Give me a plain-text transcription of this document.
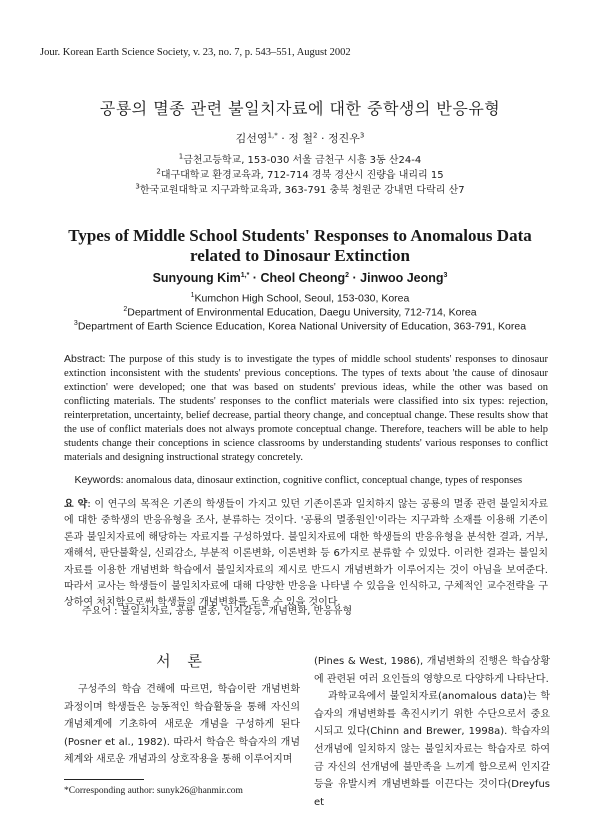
Jour. Korean Earth Science Society, v. 23, no. 7, p. 543–551, August 2002
공룡의 멸종 관련 불일치자료에 대한 중학생의 반응유형
김선영$^{1,*}$ · 정 철$^2$ · 정진우$^3$
$^1$금천고등학교, 153-030 서울 금천구 시흥 3동 산24-4
$^2$대구대학교 환경교육과, 712-714 경북 경산시 진량읍 내리리 15
$^3$한국교원대학교 지구과학교육과, 363-791 충북 청원군 강내면 다락리 산7
Types of Middle School Students' Responses to Anomalous Data
related to Dinosaur Extinction
Sunyoung Kim$^{1,*}$ · Cheol Cheong$^2$ · Jinwoo Jeong$^3$
$^1$Kumchon High School, Seoul, 153-030, Korea
$^2$Department of Environmental Education, Daegu University, 712-714, Korea
$^3$Department of Earth Science Education, Korea National University of Education, 363-791, Korea
Abstract: The purpose of this study is to investigate the types of middle school students' responses to dinosaur extinction inconsistent with the students' previous conceptions. The types of texts about 'the cause of dinosaur extinction' were developed; one that was based on students' previous ideas, while the other was based on conflicting materials. The students' responses to the conflict materials were classified into six types: rejection, reinterpretation, uncertainty, belief decrease, partial theory change, and conceptual change. These results show that the use of conflict materials does not always promote conceptual change. Therefore, teachers will be able to help students change their conceptions in science classrooms by understanding students' various responses to conflict materials and designing instructional strategy concretely.
Keywords: anomalous data, dinosaur extinction, cognitive conflict, conceptual change, types of responses
요 약: 이 연구의 목적은 기존의 학생들이 가지고 있던 기존이론과 일치하지 않는 공룡의 멸종 관련 불일치자료에 대한 중학생의 반응유형을 조사, 분류하는 것이다. '공룡의 멸종원인'이라는 지구과학 소재를 이용해 기존이론과 불일치자료에 해당하는 자료지를 구성하였다. 불일치자료에 대한 학생들의 반응유형을 분석한 결과, 거부, 재해석, 판단불확실, 신뢰감소, 부분적 이론변화, 이론변화 등 6가지로 분류할 수 있었다. 이러한 결과는 불일치자료를 이용한 개념변화 학습에서 불일치자료의 제시로 반드시 개념변화가 이루어지는 것이 아님을 보여준다. 따라서 교사는 학생들이 불일치자료에 대해 다양한 반응을 나타낼 수 있음을 인식하고, 구체적인 교수전략을 구상하여 처치함으로써 학생들의 개념변화를 도울 수 있을 것이다.
주요어 : 불일치자료, 공룡 멸종, 인지갈등, 개념변화, 반응유형
서 론

구성주의 학습 견해에 따르면, 학습이란 개념변화 과정이며 학생들은 능동적인 학습활동을 통해 자신의 개념체계에 기초하여 새로운 개념을 구성하게 된다 (Posner et al., 1982). 따라서 학습은 학습자의 개념 체계와 새로운 개념과의 상호작용을 통해 이루어지며

(Pines & West, 1986), 개념변화의 진행은 학습상황에 관련된 여러 요인들의 영향으로 다양하게 나타난다.

과학교육에서 불일치자료(anomalous data)는 학습자의 개념변화를 촉진시키기 위한 수단으로서 중요시되고 있다(Chinn and Brewer, 1998a). 학습자의 선개념에 일치하지 않는 불일치자료는 학습자로 하여금 자신의 선개념에 불만족을 느끼게 함으로써 인지갈등을 유발시켜 개념변화를 이끈다는 것이다(Dreyfus et

*Corresponding author: sunyk26@hanmir.com
